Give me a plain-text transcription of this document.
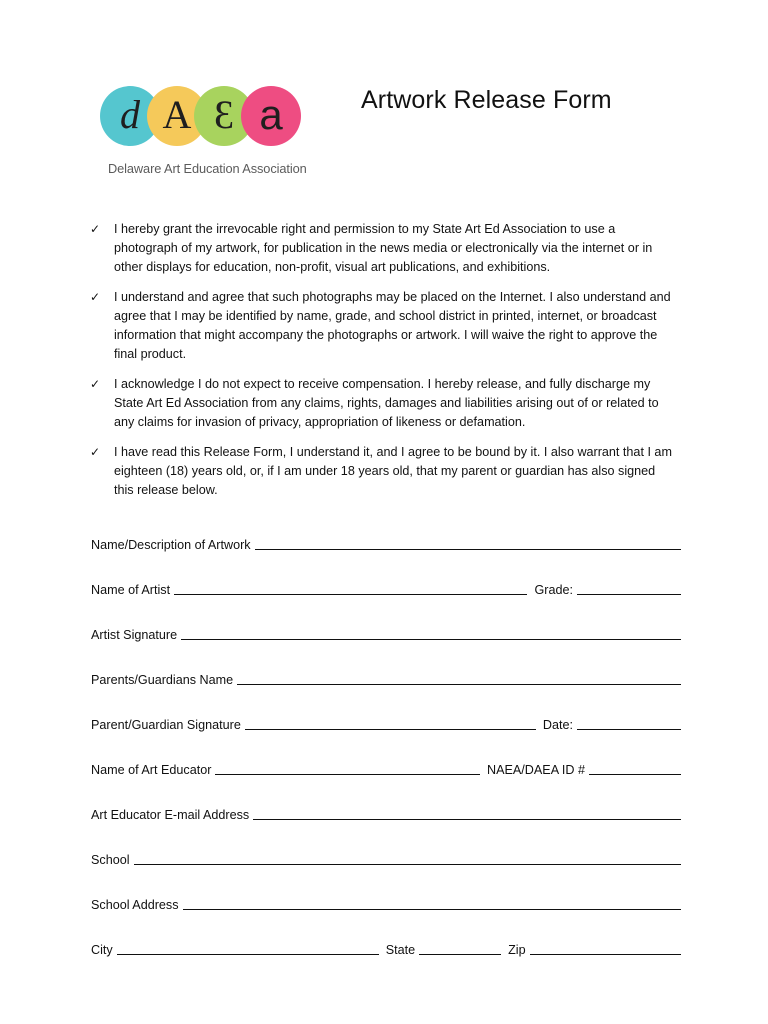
d A Ɛ a
Delaware Art Education Association
Artwork Release Form
✓ I hereby grant the irrevocable right and permission to my State Art Ed Association to use a photograph of my artwork, for publication in the news media or electronically via the internet or in other displays for education, non-profit, visual art publications, and exhibitions.
✓ I understand and agree that such photographs may be placed on the Internet. I also understand and agree that I may be identified by name, grade, and school district in printed, internet, or broadcast information that might accompany the photographs or artwork. I will waive the right to approve the final product.
✓ I acknowledge I do not expect to receive compensation. I hereby release, and fully discharge my State Art Ed Association from any claims, rights, damages and liabilities arising out of or related to any claims for invasion of privacy, appropriation of likeness or defamation.
✓ I have read this Release Form, I understand it, and I agree to be bound by it. I also warrant that I am eighteen (18) years old, or, if I am under 18 years old, that my parent or guardian has also signed this release below.
Name/Description of Artwork
Name of Artist	Grade:
Artist Signature
Parents/Guardians Name
Parent/Guardian Signature	Date:
Name of Art Educator	NAEA/DAEA ID #
Art Educator E-mail Address
School
School Address
City	State	Zip
